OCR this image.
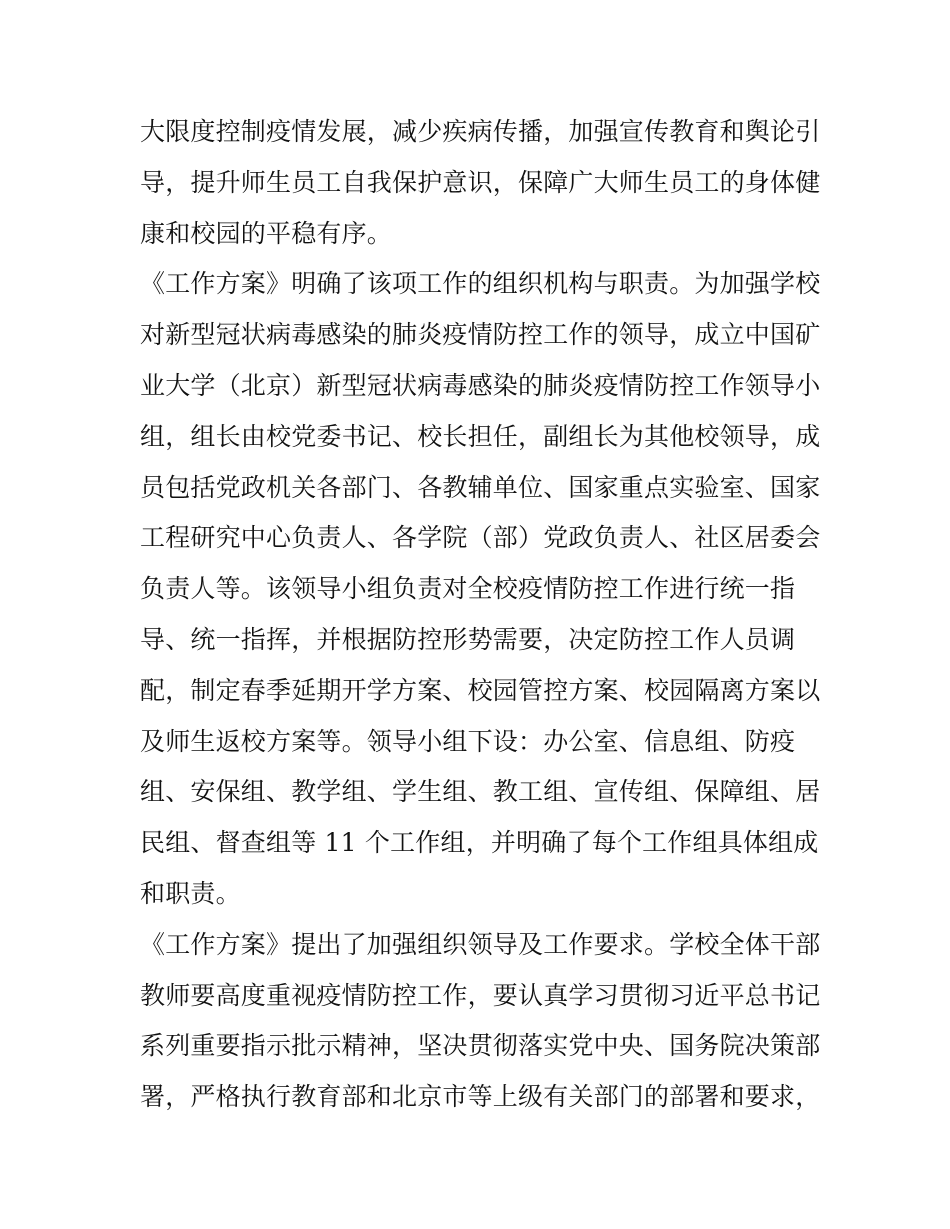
大限度控制疫情发展，减少疾病传播，加强宣传教育和舆论引
导，提升师生员工自我保护意识，保障广大师生员工的身体健
康和校园的平稳有序。
《工作方案》明确了该项工作的组织机构与职责。为加强学校
对新型冠状病毒感染的肺炎疫情防控工作的领导，成立中国矿
业大学（北京）新型冠状病毒感染的肺炎疫情防控工作领导小
组，组长由校党委书记、校长担任，副组长为其他校领导，成
员包括党政机关各部门、各教辅单位、国家重点实验室、国家
工程研究中心负责人、各学院（部）党政负责人、社区居委会
负责人等。该领导小组负责对全校疫情防控工作进行统一指
导、统一指挥，并根据防控形势需要，决定防控工作人员调
配，制定春季延期开学方案、校园管控方案、校园隔离方案以
及师生返校方案等。领导小组下设：办公室、信息组、防疫
组、安保组、教学组、学生组、教工组、宣传组、保障组、居
民组、督查组等 11 个工作组，并明确了每个工作组具体组成
和职责。
《工作方案》提出了加强组织领导及工作要求。学校全体干部
教师要高度重视疫情防控工作，要认真学习贯彻习近平总书记
系列重要指示批示精神，坚决贯彻落实党中央、国务院决策部
署，严格执行教育部和北京市等上级有关部门的部署和要求，
